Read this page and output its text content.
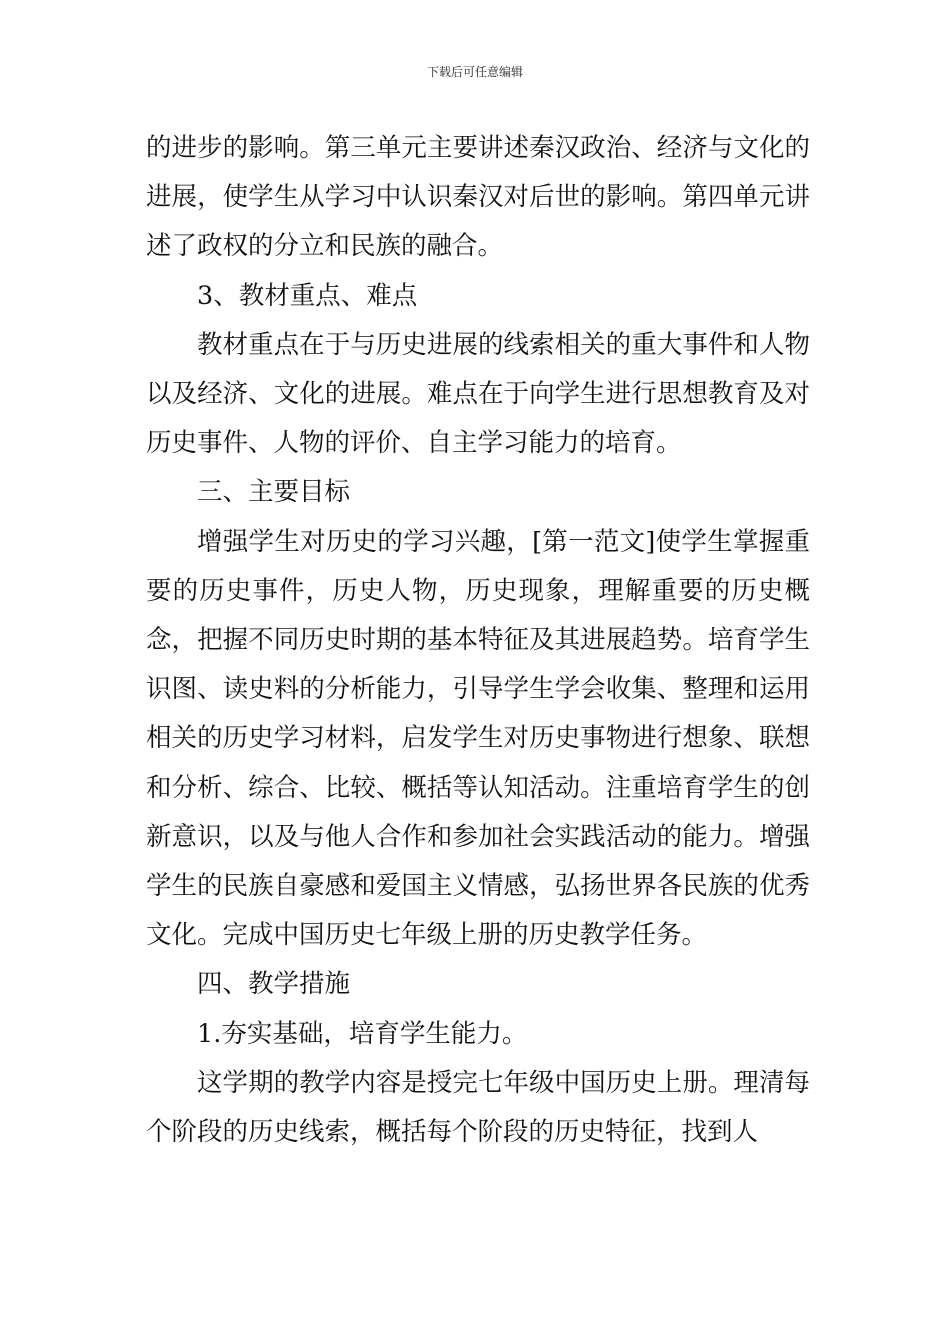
下载后可任意编辑

的进步的影响。第三单元主要讲述秦汉政治、经济与文化的进展，使学生从学习中认识秦汉对后世的影响。第四单元讲述了政权的分立和民族的融合。

3、教材重点、难点

教材重点在于与历史进展的线索相关的重大事件和人物以及经济、文化的进展。难点在于向学生进行思想教育及对历史事件、人物的评价、自主学习能力的培育。

三、主要目标

增强学生对历史的学习兴趣，[第一范文]使学生掌握重要的历史事件，历史人物，历史现象，理解重要的历史概念，把握不同历史时期的基本特征及其进展趋势。培育学生识图、读史料的分析能力，引导学生学会收集、整理和运用相关的历史学习材料，启发学生对历史事物进行想象、联想和分析、综合、比较、概括等认知活动。注重培育学生的创新意识，以及与他人合作和参加社会实践活动的能力。增强学生的民族自豪感和爱国主义情感，弘扬世界各民族的优秀文化。完成中国历史七年级上册的历史教学任务。

四、教学措施

1.夯实基础，培育学生能力。

这学期的教学内容是授完七年级中国历史上册。理清每个阶段的历史线索，概括每个阶段的历史特征，找到人
